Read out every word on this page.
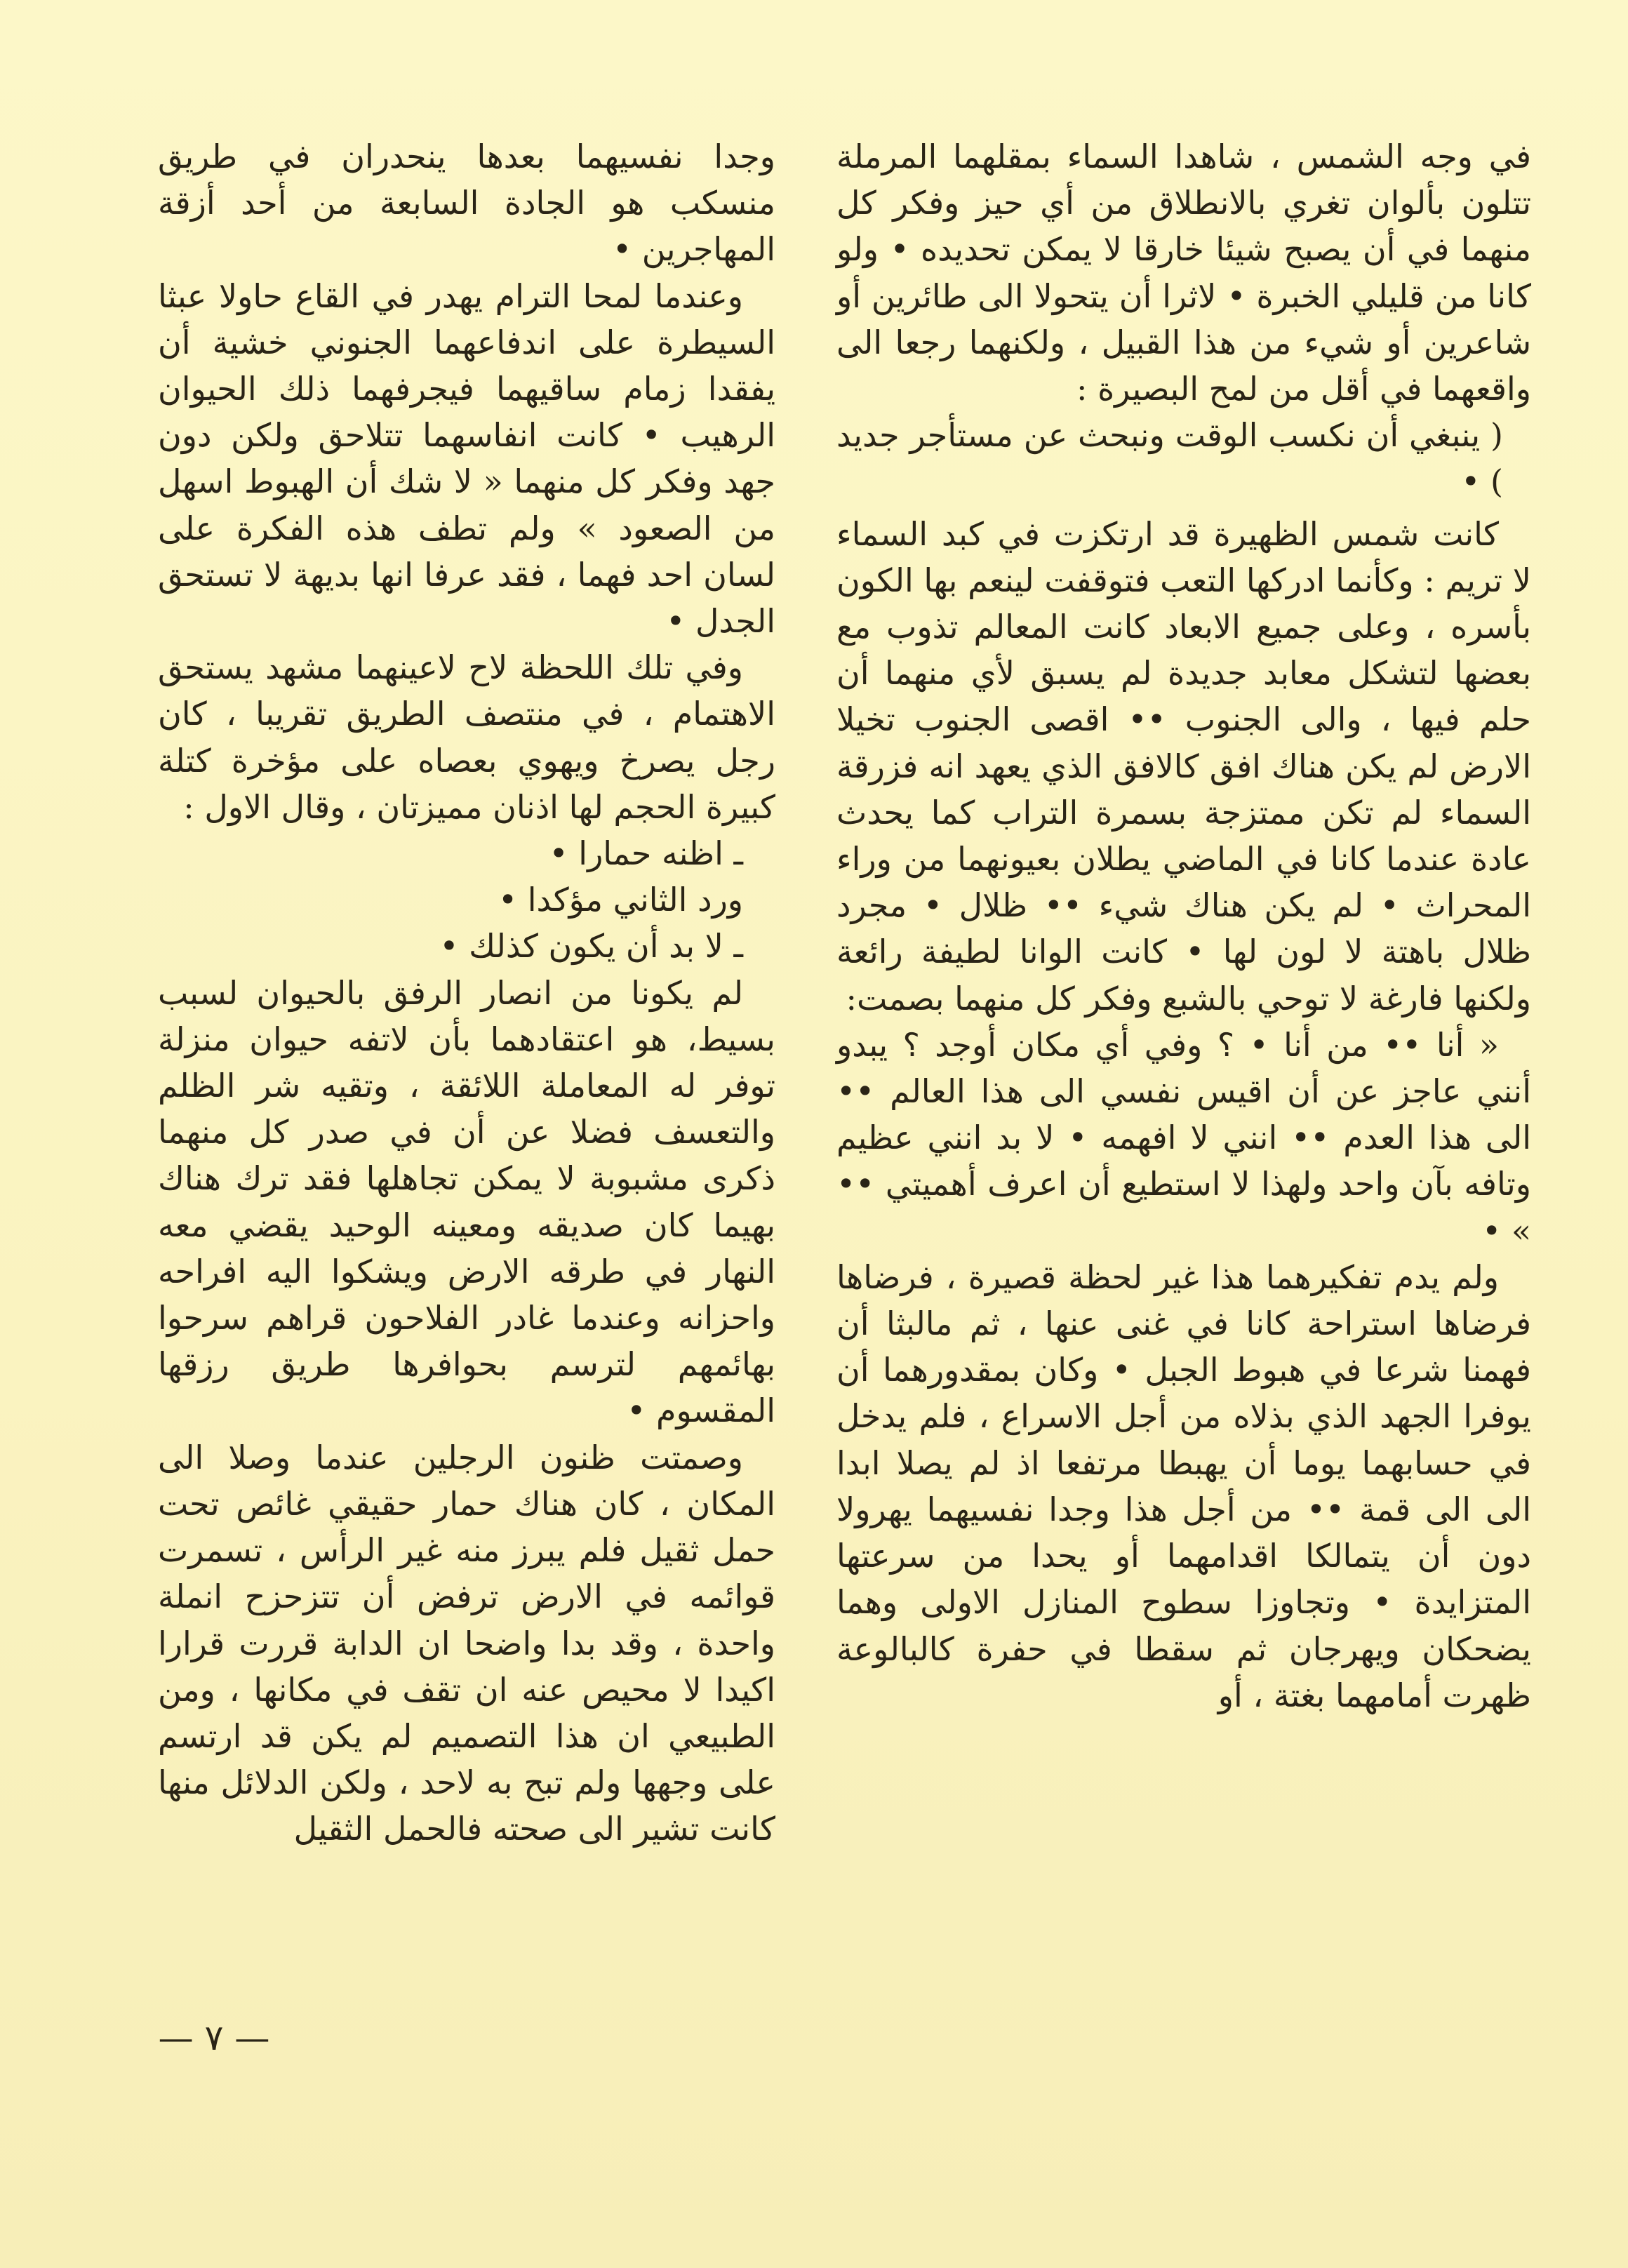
في وجه الشمس ، شاهدا السماء بمقلهما المرملة تتلون بألوان تغري بالانطلاق من أي حيز وفكر كل منهما في أن يصبح شيئا خارقا لا يمكن تحديده • ولو كانا من قليلي الخبرة • لاثرا أن يتحولا الى طائرين أو شاعرين أو شيء من هذا القبيل ، ولكنهما رجعا الى واقعهما في أقل من لمح البصيرة :

( ينبغي أن نكسب الوقت ونبحث عن مستأجر جديد ) •

كانت شمس الظهيرة قد ارتكزت في كبد السماء لا تريم : وكأنما ادركها التعب فتوقفت لينعم بها الكون بأسره ، وعلى جميع الابعاد كانت المعالم تذوب مع بعضها لتشكل معابد جديدة لم يسبق لأي منهما أن حلم فيها ، والى الجنوب •• اقصى الجنوب تخيلا الارض لم يكن هناك افق كالافق الذي يعهد انه فزرقة السماء لم تكن ممتزجة بسمرة التراب كما يحدث عادة عندما كانا في الماضي يطلان بعيونهما من وراء المحراث • لم يكن هناك شيء •• ظلال • مجرد ظلال باهتة لا لون لها • كانت الوانا لطيفة رائعة ولكنها فارغة لا توحي بالشبع وفكر كل منهما بصمت:

« أنا •• من أنا • ؟ وفي أي مكان أوجد ؟ يبدو أنني عاجز عن أن اقيس نفسي الى هذا العالم •• الى هذا العدم •• انني لا افهمه • لا بد انني عظيم وتافه بآن واحد ولهذا لا استطيع أن اعرف أهميتي •• » •

ولم يدم تفكيرهما هذا غير لحظة قصيرة ، فرضاها فرضاها استراحة كانا في غنى عنها ، ثم مالبثا أن فهمنا شرعا في هبوط الجبل • وكان بمقدورهما أن يوفرا الجهد الذي بذلاه من أجل الاسراع ، فلم يدخل في حسابهما يوما أن يهبطا مرتفعا اذ لم يصلا ابدا الى الى قمة •• من أجل هذا وجدا نفسيهما يهرولا دون أن يتمالكا اقدامهما أو يحدا من سرعتها المتزايدة • وتجاوزا سطوح المنازل الاولى وهما يضحكان ويهرجان ثم سقطا في حفرة كالبالوعة ظهرت أمامهما بغتة ، أو

وجدا نفسيهما بعدها ينحدران في طريق منسكب هو الجادة السابعة من أحد أزقة المهاجرين •

وعندما لمحا الترام يهدر في القاع حاولا عبثا السيطرة على اندفاعهما الجنوني خشية أن يفقدا زمام ساقيهما فيجرفهما ذلك الحيوان الرهيب • كانت انفاسهما تتلاحق ولكن دون جهد وفكر كل منهما « لا شك أن الهبوط اسهل من الصعود » ولم تطف هذه الفكرة على لسان احد فهما ، فقد عرفا انها بديهة لا تستحق الجدل •

وفي تلك اللحظة لاح لاعينهما مشهد يستحق الاهتمام ، في منتصف الطريق تقريبا ، كان رجل يصرخ ويهوي بعصاه على مؤخرة كتلة كبيرة الحجم لها اذنان مميزتان ، وقال الاول :

ـ اظنه حمارا •

ورد الثاني مؤكدا •

ـ لا بد أن يكون كذلك •

لم يكونا من انصار الرفق بالحيوان لسبب بسيط، هو اعتقادهما بأن لاتفه حيوان منزلة توفر له المعاملة اللائقة ، وتقيه شر الظلم والتعسف فضلا عن أن في صدر كل منهما ذكرى مشبوبة لا يمكن تجاهلها فقد ترك هناك بهيما كان صديقه ومعينه الوحيد يقضي معه النهار في طرقه الارض ويشكوا اليه افراحه واحزانه وعندما غادر الفلاحون قراهم سرحوا بهائمهم لترسم بحوافرها طريق رزقها المقسوم •

وصمتت ظنون الرجلين عندما وصلا الى المكان ، كان هناك حمار حقيقي غائص تحت حمل ثقيل فلم يبرز منه غير الرأس ، تسمرت قوائمه في الارض ترفض أن تتزحزح انملة واحدة ، وقد بدا واضحا ان الدابة قررت قرارا اكيدا لا محيص عنه ان تقف في مكانها ، ومن الطبيعي ان هذا التصميم لم يكن قد ارتسم على وجهها ولم تبح به لاحد ، ولكن الدلائل منها كانت تشير الى صحته فالحمل الثقيل

— ٧ —
